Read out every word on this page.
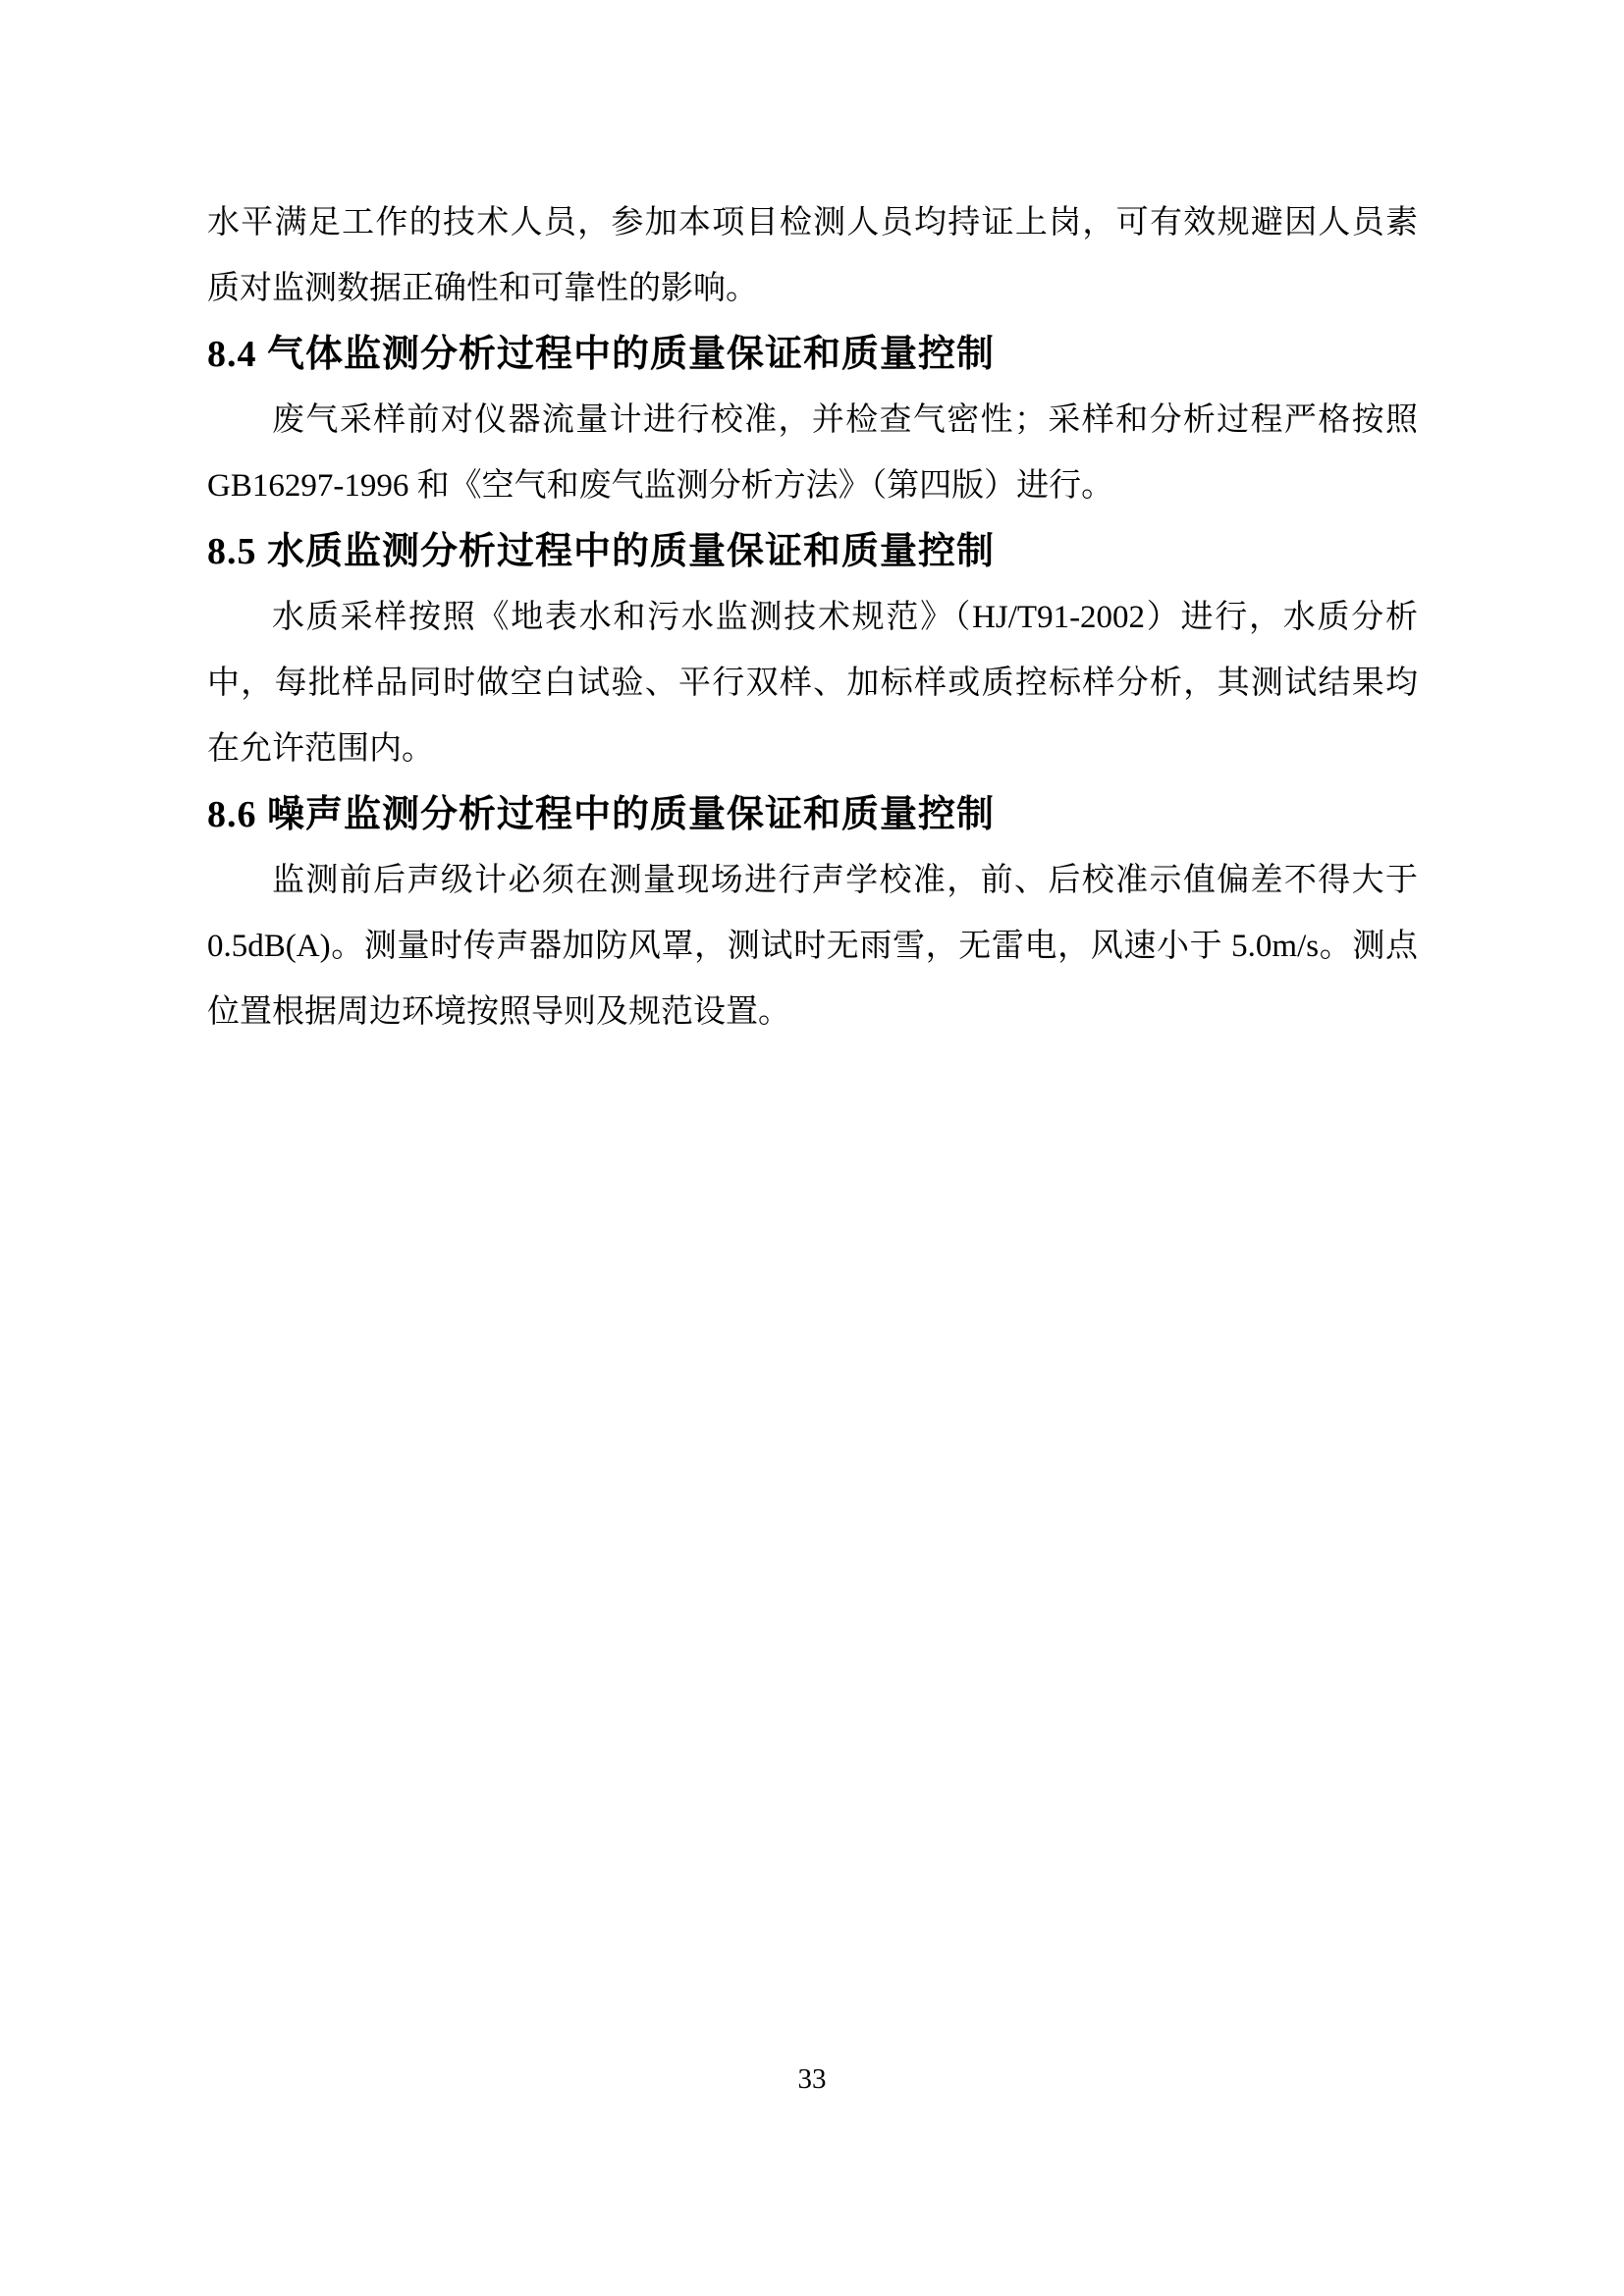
水平满足工作的技术人员，参加本项目检测人员均持证上岗，可有效规避因人员素
质对监测数据正确性和可靠性的影响。
8.4 气体监测分析过程中的质量保证和质量控制
废气采样前对仪器流量计进行校准，并检查气密性；采样和分析过程严格按照
GB16297-1996 和《空气和废气监测分析方法》（第四版）进行。
8.5 水质监测分析过程中的质量保证和质量控制
水质采样按照《地表水和污水监测技术规范》（HJ/T91-2002）进行，水质分析
中，每批样品同时做空白试验、平行双样、加标样或质控标样分析，其测试结果均
在允许范围内。
8.6 噪声监测分析过程中的质量保证和质量控制
监测前后声级计必须在测量现场进行声学校准，前、后校准示值偏差不得大于
0.5dB(A)。测量时传声器加防风罩，测试时无雨雪，无雷电，风速小于 5.0m/s。测点
位置根据周边环境按照导则及规范设置。
33
